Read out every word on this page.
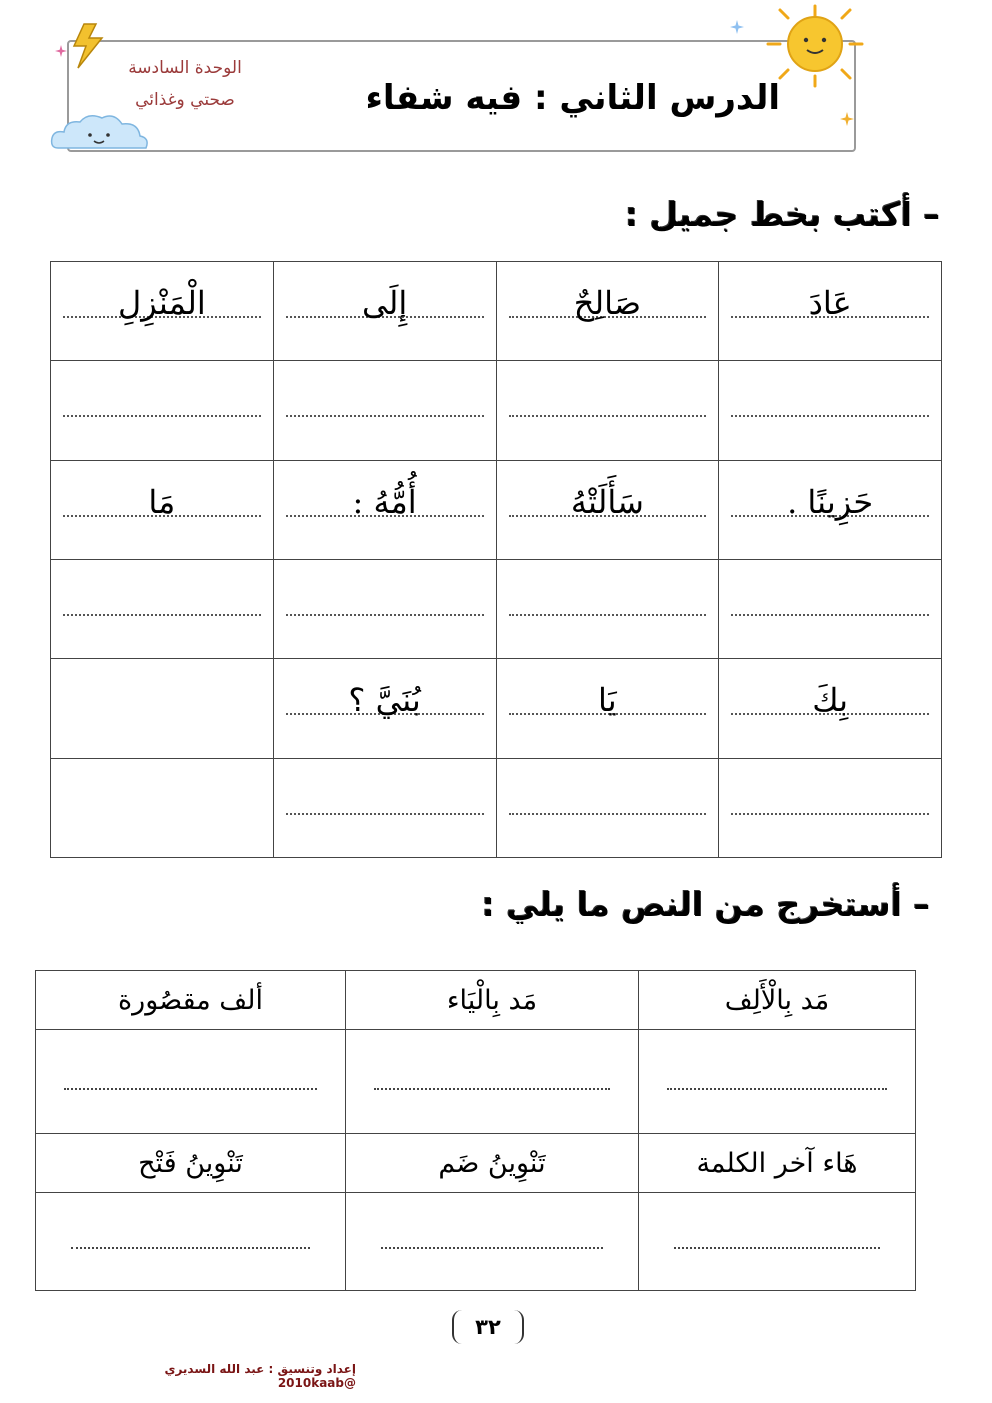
الوحدة السادسة
صحتي وغذائي	الدرس الثاني : فيه شفاء
– أكتب بخط جميل :
عَادَ	صَالِحٌ	إِلَى	الْمَنْزِلِ

حَزِينًا .	سَأَلَتْهُ	أُمُّهُ :	مَا

بِكَ	يَا	بُنَيَّ ؟	

– أستخرج من النص ما يلي :
مَد بِالْأَلِف	مَد بِالْيَاء	ألف مقصُورة

هَاء آخر الكلمة	تَنْوِينُ ضَم	تَنْوِينُ فَتْح

٣٢
إعداد وتنسيق : عبد الله السديري @2010kaab
